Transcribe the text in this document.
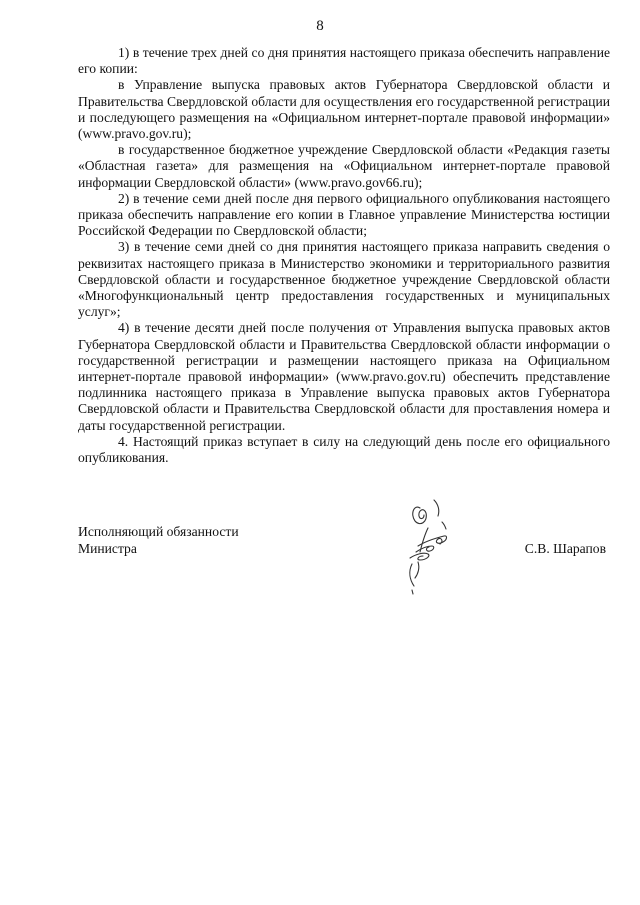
8

1) в течение трех дней со дня принятия настоящего приказа обеспечить направление его копии:

в Управление выпуска правовых актов Губернатора Свердловской области и Правительства Свердловской области для осуществления его государственной регистрации и последующего размещения на «Официальном интернет-портале правовой информации» (www.pravo.gov.ru);

в государственное бюджетное учреждение Свердловской области «Редакция газеты «Областная газета» для размещения на «Официальном интернет-портале правовой информации Свердловской области» (www.pravo.gov66.ru);

2) в течение семи дней после дня первого официального опубликования настоящего приказа обеспечить направление его копии в Главное управление Министерства юстиции Российской Федерации по Свердловской области;

3) в течение семи дней со дня принятия настоящего приказа направить сведения о реквизитах настоящего приказа в Министерство экономики и территориального развития Свердловской области и государственное бюджетное учреждение Свердловской области «Многофункциональный центр предоставления государственных и муниципальных услуг»;

4) в течение десяти дней после получения от Управления выпуска правовых актов Губернатора Свердловской области и Правительства Свердловской области информации о государственной регистрации и размещении настоящего приказа на Официальном интернет-портале правовой информации» (www.pravo.gov.ru) обеспечить представление подлинника настоящего приказа в Управление выпуска правовых актов Губернатора Свердловской области и Правительства Свердловской области для проставления номера и даты государственной регистрации.

4. Настоящий приказ вступает в силу на следующий день после его официального опубликования.

Исполняющий обязанности
Министра	С.В. Шарапов
